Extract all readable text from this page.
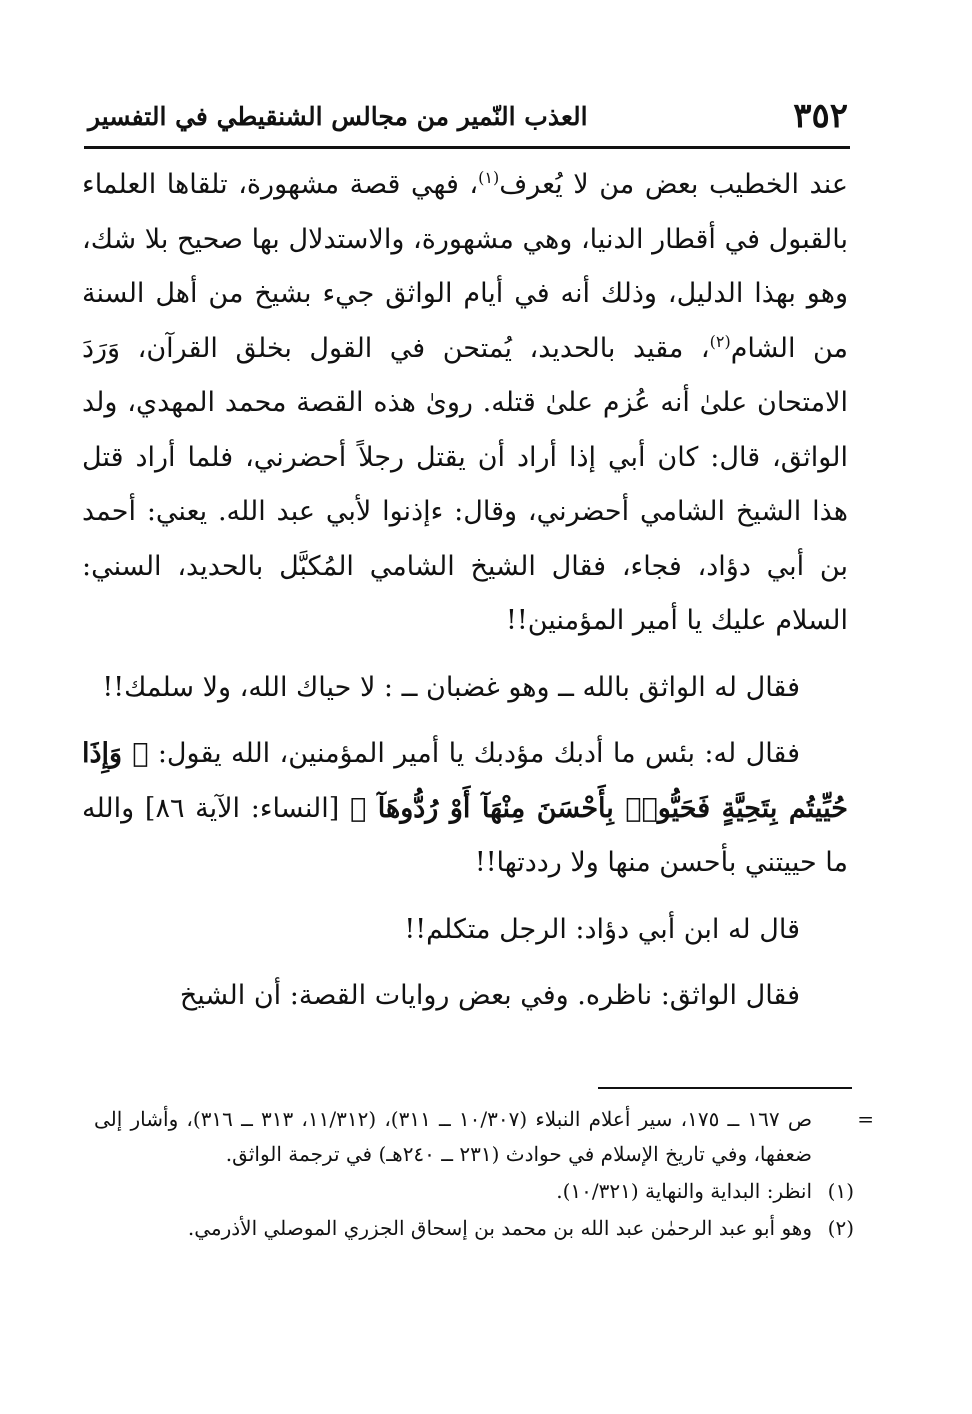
٣٥٢
العذب النّمير من مجالس الشنقيطي في التفسير

عند الخطيب بعض من لا يُعرف$^{(١)}$، فهي قصة مشهورة، تلقاها العلماء بالقبول في أقطار الدنيا، وهي مشهورة، والاستدلال بها صحيح بلا شك، وهو بهذا الدليل، وذلك أنه في أيام الواثق جيء بشيخ من أهل السنة من الشام$^{(٢)}$، مقيد بالحديد، يُمتحن في القول بخلق القرآن، وَرَدَ الامتحان علىٰ أنه عُزم علىٰ قتله. روىٰ هذه القصة محمد المهدي، ولد الواثق، قال: كان أبي إذا أراد أن يقتل رجلاً أحضرني، فلما أراد قتل هذا الشيخ الشامي أحضرني، وقال: ءإذنوا لأبي عبد الله. يعني: أحمد بن أبي دؤاد، فجاء، فقال الشيخ الشامي المُكبَّل بالحديد، السني: السلام عليك يا أمير المؤمنين!!

فقال له الواثق بالله ــ وهو غضبان ــ : لا حياك الله، ولا سلمك!!

فقال له: بئس ما أدبك مؤدبك يا أمير المؤمنين، الله يقول: ﴿ وَإِذَا حُيِّيتُم بِتَحِيَّةٍ فَحَيُّوا۟ بِأَحْسَنَ مِنْهَآ أَوْ رُدُّوهَآ ﴾ [النساء: الآية ٨٦] والله ما حييتني بأحسن منها ولا رددتها!!

قال له ابن أبي دؤاد: الرجل متكلم!!

فقال الواثق: ناظره. وفي بعض روايات القصة: أن الشيخ

=
ص ١٦٧ ــ ١٧٥، سير أعلام النبلاء (١٠/٣٠٧ ــ ٣١١)، (١١/٣١٢، ٣١٣ ــ ٣١٦)، وأشار إلى ضعفها، وفي تاريخ الإسلام في حوادث (٢٣١ ــ ٢٤٠هـ) في ترجمة الواثق.

(١)انظر: البداية والنهاية (١٠/٣٢١).

(٢)وهو أبو عبد الرحمٰن عبد الله بن محمد بن إسحاق الجزري الموصلي الأذرمي.
